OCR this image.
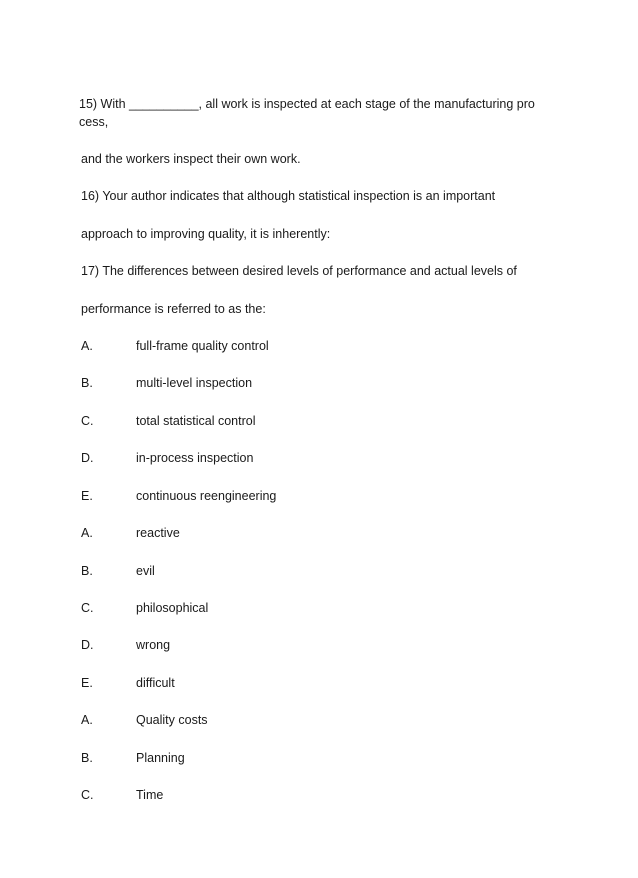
15) With __________, all work is inspected at each stage of the manufacturing pro
cess,
and the workers inspect their own work.
16) Your author indicates that although statistical inspection is an important
approach to improving quality, it is inherently:
17) The differences between desired levels of performance and actual levels of
performance is referred to as the:
A.	full-frame quality control
B.	multi-level inspection
C.	total statistical control
D.	in-process inspection
E.	continuous reengineering
A.	reactive
B.	evil
C.	philosophical
D.	wrong
E.	difficult
A.	Quality costs
B.	Planning
C.	Time
